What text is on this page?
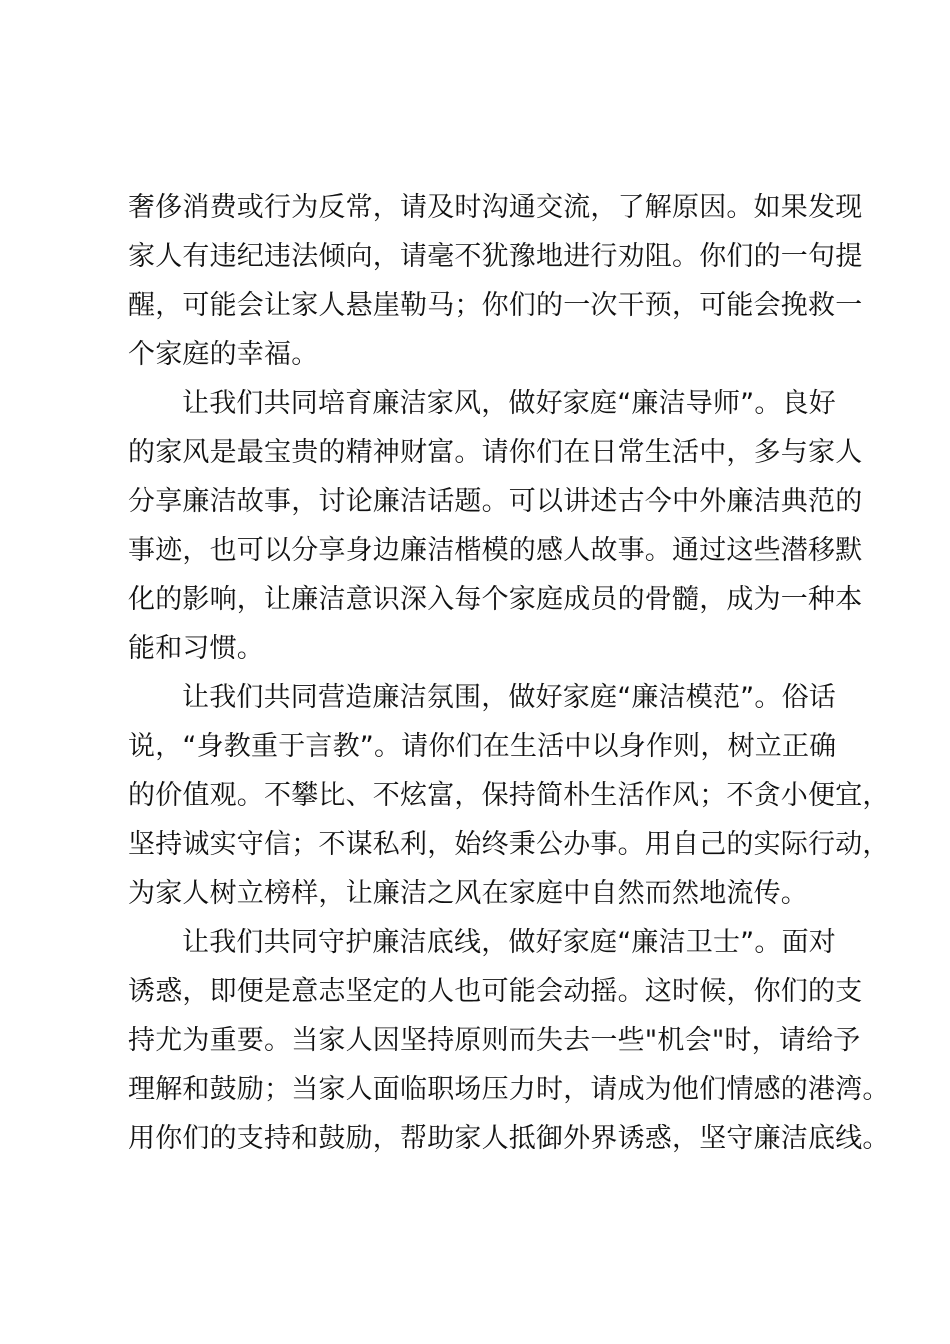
奢侈消费或行为反常，请及时沟通交流，了解原因。如果发现
家人有违纪违法倾向，请毫不犹豫地进行劝阻。你们的一句提
醒，可能会让家人悬崖勒马；你们的一次干预，可能会挽救一
个家庭的幸福。

让我们共同培育廉洁家风，做好家庭“廉洁导师”。良好
的家风是最宝贵的精神财富。请你们在日常生活中，多与家人
分享廉洁故事，讨论廉洁话题。可以讲述古今中外廉洁典范的
事迹，也可以分享身边廉洁楷模的感人故事。通过这些潜移默
化的影响，让廉洁意识深入每个家庭成员的骨髓，成为一种本
能和习惯。

让我们共同营造廉洁氛围，做好家庭“廉洁模范”。俗话
说，“身教重于言教”。请你们在生活中以身作则，树立正确
的价值观。不攀比、不炫富，保持简朴生活作风；不贪小便宜，
坚持诚实守信；不谋私利，始终秉公办事。用自己的实际行动，
为家人树立榜样，让廉洁之风在家庭中自然而然地流传。

让我们共同守护廉洁底线，做好家庭“廉洁卫士”。面对
诱惑，即便是意志坚定的人也可能会动摇。这时候，你们的支
持尤为重要。当家人因坚持原则而失去一些"机会"时，请给予
理解和鼓励；当家人面临职场压力时，请成为他们情感的港湾。
用你们的支持和鼓励，帮助家人抵御外界诱惑，坚守廉洁底线。
